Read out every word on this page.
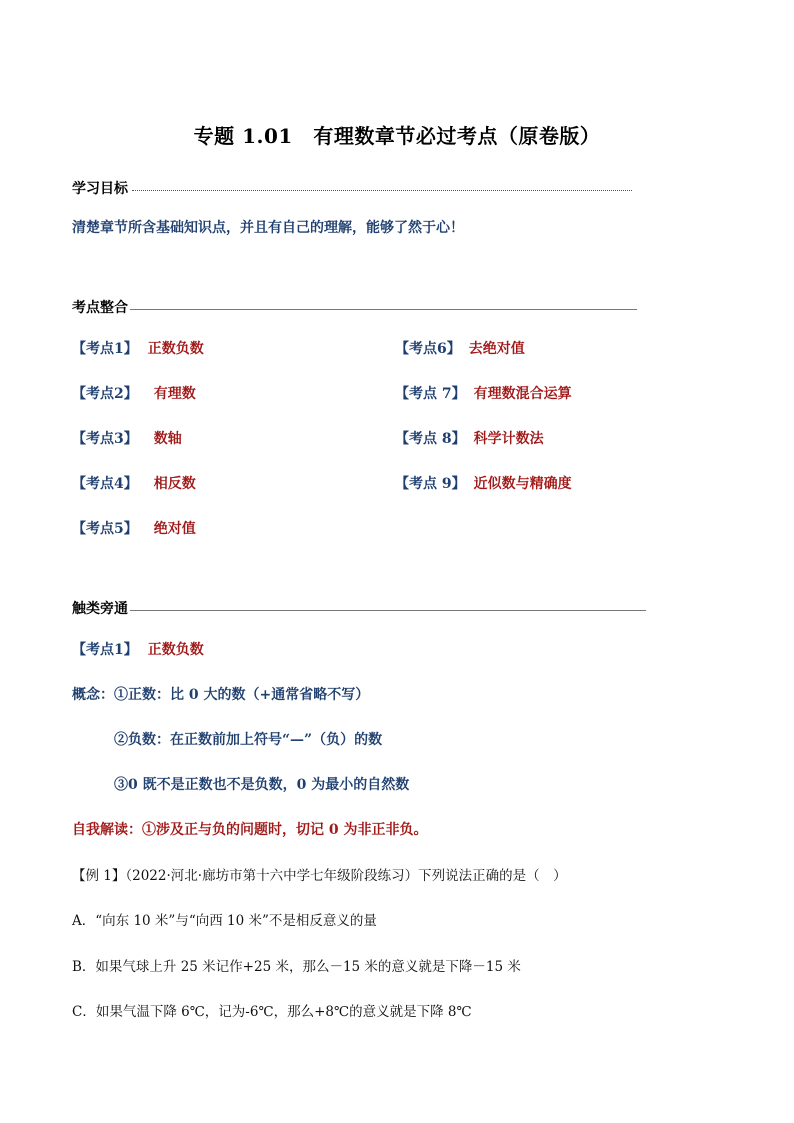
专题 1.01　有理数章节必过考点（原卷版）
学习目标
清楚章节所含基础知识点，并且有自己的理解，能够了然于心！
考点整合
【考点1】 正数负数
【考点2】 有理数
【考点3】 数轴
【考点4】 相反数
【考点5】 绝对值
【考点6】 去绝对值
【考点 7】 有理数混合运算
【考点 8】 科学计数法
【考点 9】 近似数与精确度
触类旁通
【考点1】 正数负数
概念：①正数：比 0 大的数（+通常省略不写）
②负数：在正数前加上符号“—”（负）的数
③0 既不是正数也不是负数，0 为最小的自然数
自我解读：①涉及正与负的问题时，切记 0 为非正非负。
【例 1】（2022·河北·廊坊市第十六中学七年级阶段练习）下列说法正确的是（　）
A．“向东 10 米”与“向西 10 米”不是相反意义的量
B．如果气球上升 25 米记作+25 米，那么－15 米的意义就是下降－15 米
C．如果气温下降 6℃，记为-6℃，那么+8℃的意义就是下降 8℃
